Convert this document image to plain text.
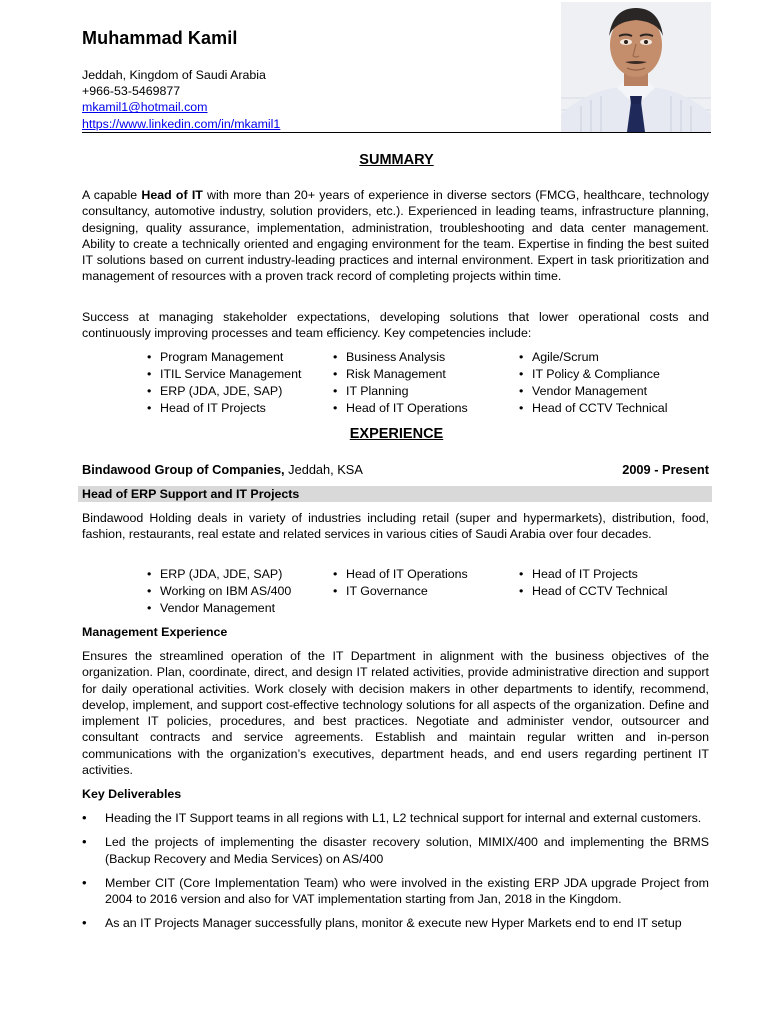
Muhammad Kamil
Jeddah, Kingdom of Saudi Arabia
+966-53-5469877
mkamil1@hotmail.com
https://www.linkedin.com/in/mkamil1
SUMMARY
A capable Head of IT with more than 20+ years of experience in diverse sectors (FMCG, healthcare, technology consultancy, automotive industry, solution providers, etc.). Experienced in leading teams, infrastructure planning, designing, quality assurance, implementation, administration, troubleshooting and data center management. Ability to create a technically oriented and engaging environment for the team. Expertise in finding the best suited IT solutions based on current industry-leading practices and internal environment. Expert in task prioritization and management of resources with a proven track record of completing projects within time.
Success at managing stakeholder expectations, developing solutions that lower operational costs and continuously improving processes and team efficiency. Key competencies include:
• Program Management
• ITIL Service Management
• ERP (JDA, JDE, SAP)
• Head of IT Projects
• Business Analysis
• Risk Management
• IT Planning
• Head of IT Operations
• Agile/Scrum
• IT Policy & Compliance
• Vendor Management
• Head of CCTV Technical
EXPERIENCE
Bindawood Group of Companies, Jeddah, KSA	2009 - Present
Head of ERP Support and IT Projects
Bindawood Holding deals in variety of industries including retail (super and hypermarkets), distribution, food, fashion, restaurants, real estate and related services in various cities of Saudi Arabia over four decades.
• ERP (JDA, JDE, SAP)
• Working on IBM AS/400
• Vendor Management
• Head of IT Operations
• IT Governance
• Head of IT Projects
• Head of CCTV Technical
Management Experience
Ensures the streamlined operation of the IT Department in alignment with the business objectives of the organization. Plan, coordinate, direct, and design IT related activities, provide administrative direction and support for daily operational activities. Work closely with decision makers in other departments to identify, recommend, develop, implement, and support cost-effective technology solutions for all aspects of the organization. Define and implement IT policies, procedures, and best practices. Negotiate and administer vendor, outsourcer and consultant contracts and service agreements. Establish and maintain regular written and in-person communications with the organization’s executives, department heads, and end users regarding pertinent IT activities.
Key Deliverables
• Heading the IT Support teams in all regions with L1, L2 technical support for internal and external customers.
• Led the projects of implementing the disaster recovery solution, MIMIX/400 and implementing the BRMS (Backup Recovery and Media Services) on AS/400
• Member CIT (Core Implementation Team) who were involved in the existing ERP JDA upgrade Project from 2004 to 2016 version and also for VAT implementation starting from Jan, 2018 in the Kingdom.
• As an IT Projects Manager successfully plans, monitor & execute new Hyper Markets end to end IT setup
